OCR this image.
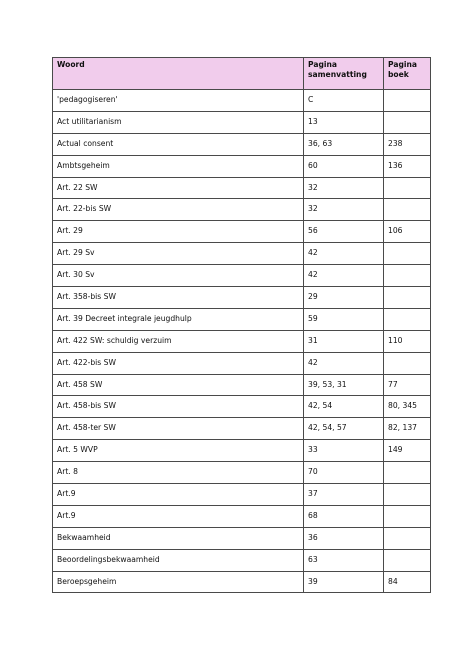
Woord	Pagina samenvatting	Pagina boek
'pedagogiseren'	C	
Act utilitarianism	13	
Actual consent	36, 63	238
Ambtsgeheim	60	136
Art. 22 SW	32	
Art. 22-bis SW	32	
Art. 29	56	106
Art. 29 Sv	42	
Art. 30 Sv	42	
Art. 358-bis SW	29	
Art. 39 Decreet integrale jeugdhulp	59	
Art. 422 SW: schuldig verzuim	31	110
Art. 422-bis SW	42	
Art. 458 SW	39, 53, 31	77
Art. 458-bis SW	42, 54	80, 345
Art. 458-ter SW	42, 54, 57	82, 137
Art. 5 WVP	33	149
Art. 8	70	
Art.9	37	
Art.9	68	
Bekwaamheid	36	
Beoordelingsbekwaamheid	63	
Beroepsgeheim	39	84
